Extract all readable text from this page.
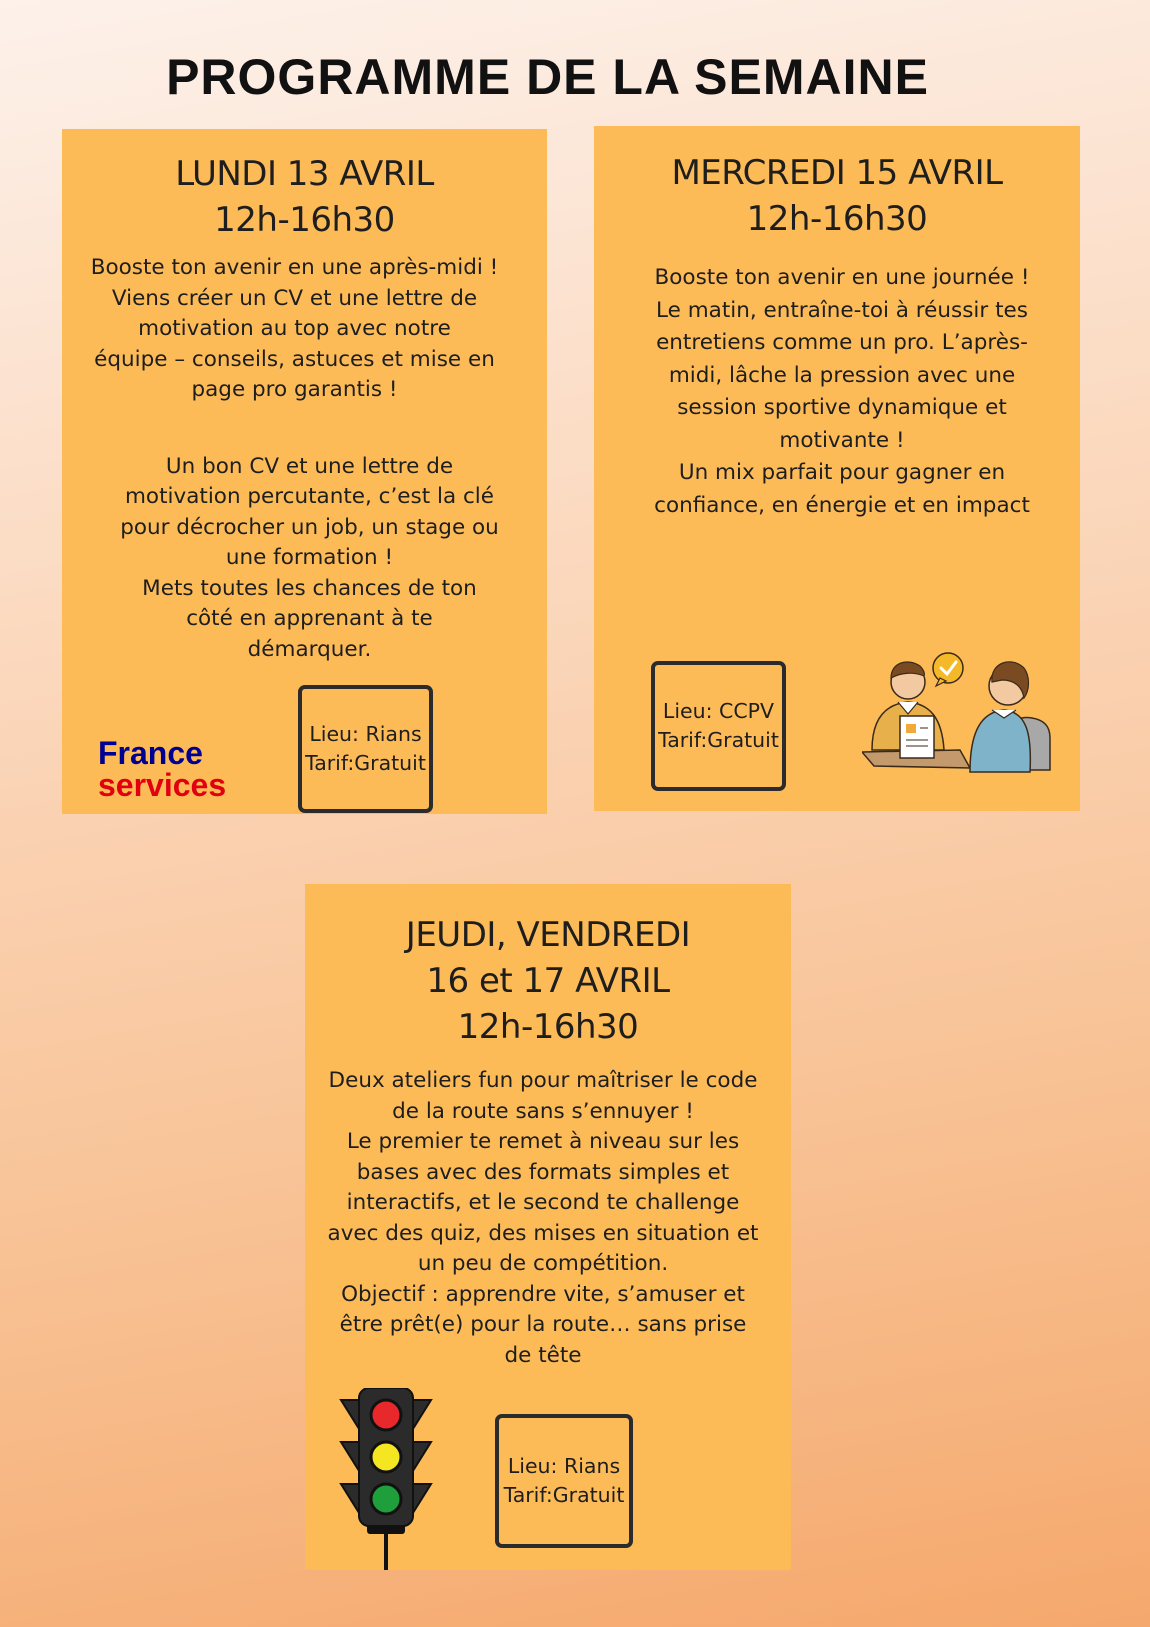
PROGRAMME DE LA SEMAINE
LUNDI 13 AVRIL
12h-16h30

Booste ton avenir en une après-midi !

Viens créer un CV et une lettre de

motivation au top avec notre

équipe – conseils, astuces et mise en

page pro garantis !

Un bon CV et une lettre de

motivation percutante, c’est la clé

pour décrocher un job, un stage ou

une formation !

Mets toutes les chances de ton

côté en apprenant à te

démarquer.

France
services
Lieu: Rians
Tarif:Gratuit
MERCREDI 15 AVRIL
12h-16h30

Booste ton avenir en une journée !

Le matin, entraîne-toi à réussir tes

entretiens comme un pro. L’après-

midi, lâche la pression avec une

session sportive dynamique et

motivante !

Un mix parfait pour gagner en

confiance, en énergie et en impact

Lieu: CCPV
Tarif:Gratuit
JEUDI, VENDREDI
16 et 17 AVRIL
12h-16h30

Deux ateliers fun pour maîtriser le code

de la route sans s’ennuyer !

Le premier te remet à niveau sur les

bases avec des formats simples et

interactifs, et le second te challenge

avec des quiz, des mises en situation et

un peu de compétition.

Objectif : apprendre vite, s’amuser et

être prêt(e) pour la route… sans prise

de tête

Lieu: Rians
Tarif:Gratuit
